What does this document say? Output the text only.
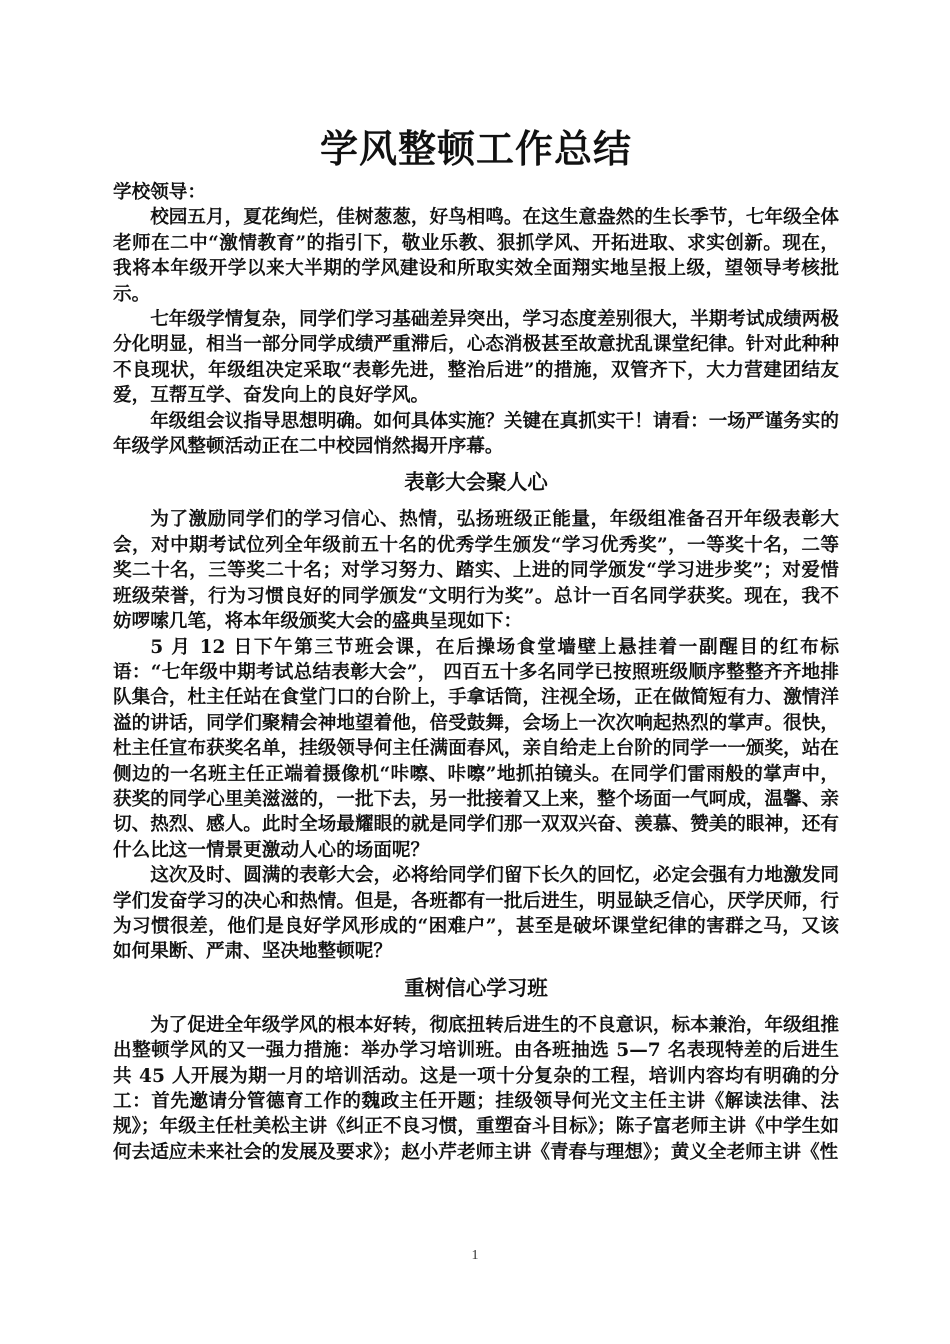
学风整顿工作总结

学校领导：

校园五月，夏花绚烂，佳树葱葱，好鸟相鸣。在这生意盎然的生长季节，七年级全体老师在二中“激情教育”的指引下，敬业乐教、狠抓学风、开拓进取、求实创新。现在，我将本年级开学以来大半期的学风建设和所取实效全面翔实地呈报上级，望领导考核批示。

七年级学情复杂，同学们学习基础差异突出，学习态度差别很大，半期考试成绩两极分化明显，相当一部分同学成绩严重滞后，心态消极甚至故意扰乱课堂纪律。针对此种种不良现状，年级组决定采取“表彰先进，整治后进”的措施，双管齐下，大力营建团结友爱，互帮互学、奋发向上的良好学风。

年级组会议指导思想明确。如何具体实施？关键在真抓实干！请看：一场严谨务实的年级学风整顿活动正在二中校园悄然揭开序幕。

表彰大会聚人心

为了激励同学们的学习信心、热情，弘扬班级正能量，年级组准备召开年级表彰大会，对中期考试位列全年级前五十名的优秀学生颁发“学习优秀奖”，一等奖十名，二等奖二十名，三等奖二十名；对学习努力、踏实、上进的同学颁发“学习进步奖”；对爱惜班级荣誉，行为习惯良好的同学颁发“文明行为奖”。总计一百名同学获奖。现在，我不妨啰嗦几笔，将本年级颁奖大会的盛典呈现如下：

5 月 12 日下午第三节班会课，在后操场食堂墙壁上悬挂着一副醒目的红布标语：“七年级中期考试总结表彰大会”， 四百五十多名同学已按照班级顺序整整齐齐地排队集合，杜主任站在食堂门口的台阶上，手拿话筒，注视全场，正在做简短有力、激情洋溢的讲话，同学们聚精会神地望着他，倍受鼓舞，会场上一次次响起热烈的掌声。很快，杜主任宣布获奖名单，挂级领导何主任满面春风，亲自给走上台阶的同学一一颁奖，站在侧边的一名班主任正端着摄像机“咔嚓、咔嚓”地抓拍镜头。在同学们雷雨般的掌声中，获奖的同学心里美滋滋的，一批下去，另一批接着又上来，整个场面一气呵成，温馨、亲切、热烈、感人。此时全场最耀眼的就是同学们那一双双兴奋、羡慕、赞美的眼神，还有什么比这一情景更激动人心的场面呢？

这次及时、圆满的表彰大会，必将给同学们留下长久的回忆，必定会强有力地激发同学们发奋学习的决心和热情。但是，各班都有一批后进生，明显缺乏信心，厌学厌师，行为习惯很差，他们是良好学风形成的“困难户”，甚至是破坏课堂纪律的害群之马，又该如何果断、严肃、坚决地整顿呢？

重树信心学习班

为了促进全年级学风的根本好转，彻底扭转后进生的不良意识，标本兼治，年级组推出整顿学风的又一强力措施：举办学习培训班。由各班抽选 5—7 名表现特差的后进生共 45 人开展为期一月的培训活动。这是一项十分复杂的工程，培训内容均有明确的分工：首先邀请分管德育工作的魏政主任开题；挂级领导何光文主任主讲《解读法律、法规》；年级主任杜美松主讲《纠正不良习惯，重塑奋斗目标》；陈子富老师主讲《中学生如何去适应未来社会的发展及要求》；赵小芹老师主讲《青春与理想》；黄义全老师主讲《性

1
